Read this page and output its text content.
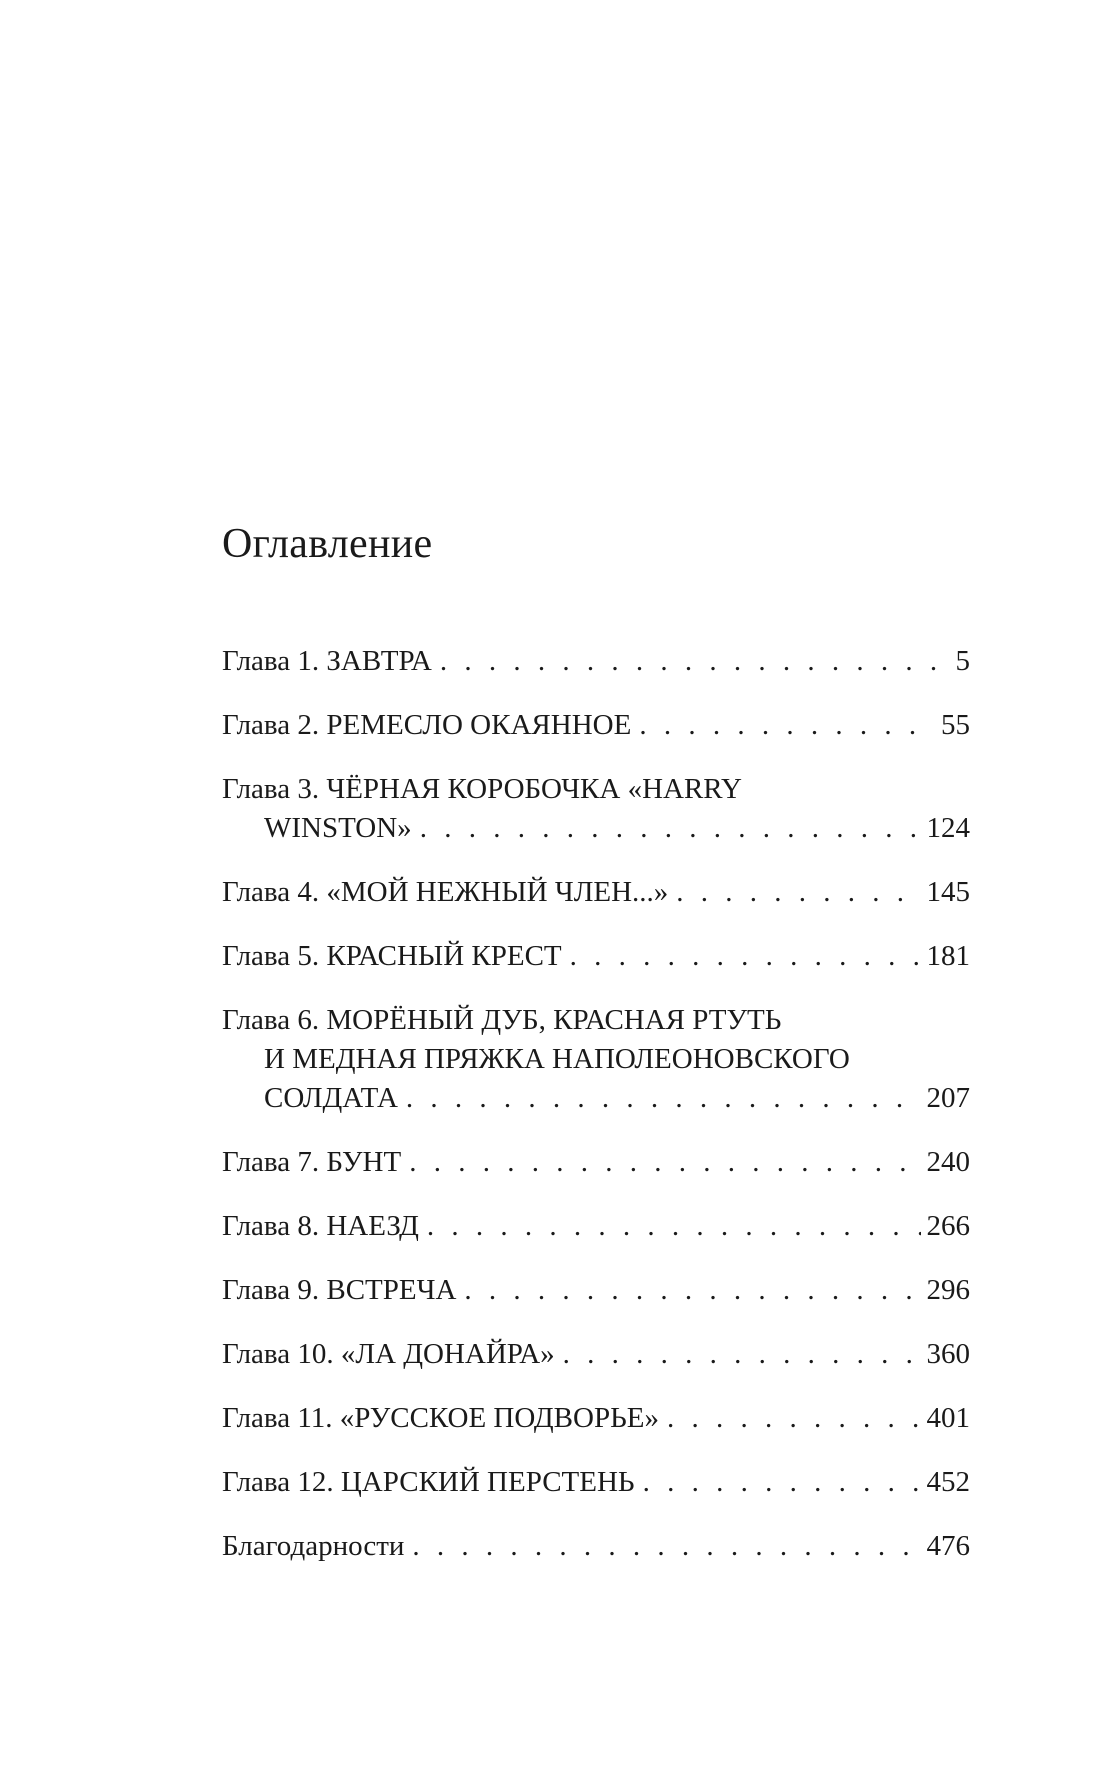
Оглавление
Глава 1. ЗАВТРА . . .	5
Глава 2. РЕМЕСЛО ОКАЯННОЕ . . .	55
Глава 3. ЧЁРНАЯ КОРОБОЧКА «HARRY
WINSTON» . . .	124
Глава 4. «МОЙ НЕЖНЫЙ ЧЛЕН...» . . .	145
Глава 5. КРАСНЫЙ КРЕСТ . . .	181
Глава 6. МОРЁНЫЙ ДУБ, КРАСНАЯ РТУТЬ
И МЕДНАЯ ПРЯЖКА НАПОЛЕОНОВСКОГО
СОЛДАТА . . .	207
Глава 7. БУНТ . . .	240
Глава 8. НАЕЗД . . .	266
Глава 9. ВСТРЕЧА . . .	296
Глава 10. «ЛА ДОНАЙРА» . . .	360
Глава 11. «РУССКОЕ ПОДВОРЬЕ» . . .	401
Глава 12. ЦАРСКИЙ ПЕРСТЕНЬ . . .	452
Благодарности . . .	476
